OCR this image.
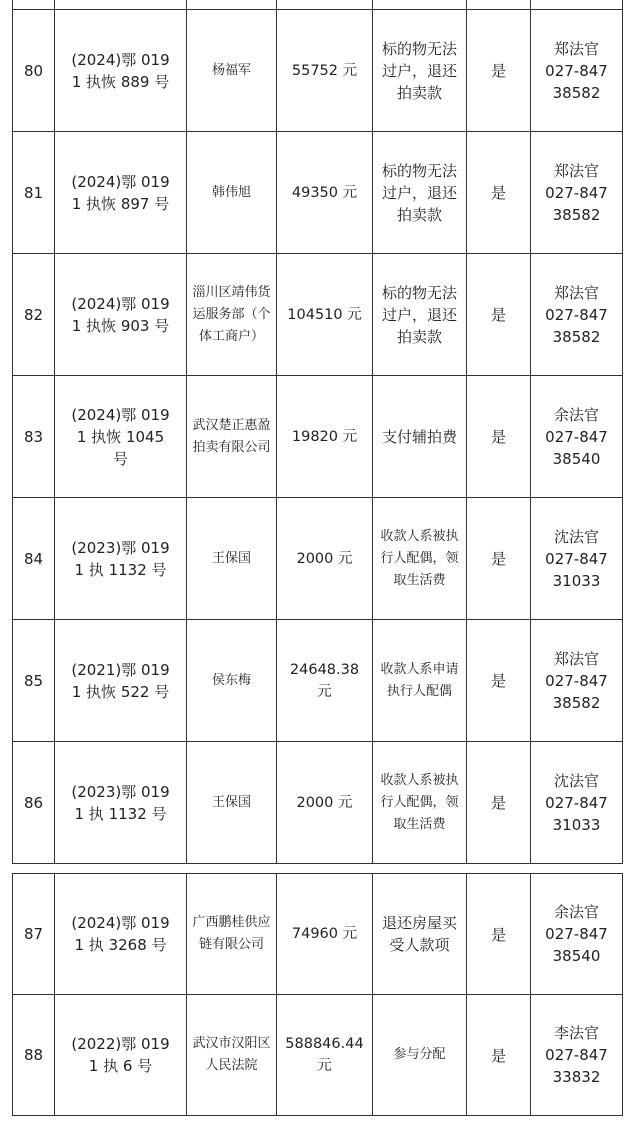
80	(2024)鄂 0191 执恢 889 号	杨福军	55752 元	标的物无法过户，退还拍卖款	是	郑法官
027-84738582
81	(2024)鄂 0191 执恢 897 号	韩伟旭	49350 元	标的物无法过户，退还拍卖款	是	郑法官
027-84738582
82	(2024)鄂 0191 执恢 903 号	淄川区靖伟货运服务部（个体工商户）	104510 元	标的物无法过户，退还拍卖款	是	郑法官
027-84738582
83	(2024)鄂 0191 执恢 1045 号	武汉楚正惠盈拍卖有限公司	19820 元	支付辅拍费	是	余法官
027-84738540
84	(2023)鄂 0191 执 1132 号	王保国	2000 元	收款人系被执行人配偶，领取生活费	是	沈法官
027-84731033
85	(2021)鄂 0191 执恢 522 号	侯东梅	24648.38 元	收款人系申请执行人配偶	是	郑法官
027-84738582
86	(2023)鄂 0191 执 1132 号	王保国	2000 元	收款人系被执行人配偶，领取生活费	是	沈法官
027-84731033
87	(2024)鄂 0191 执 3268 号	广西鹏桂供应链有限公司	74960 元	退还房屋买受人款项	是	余法官
027-84738540
88	(2022)鄂 0191 执 6 号	武汉市汉阳区人民法院	588846.44 元	参与分配	是	李法官
027-84733832
